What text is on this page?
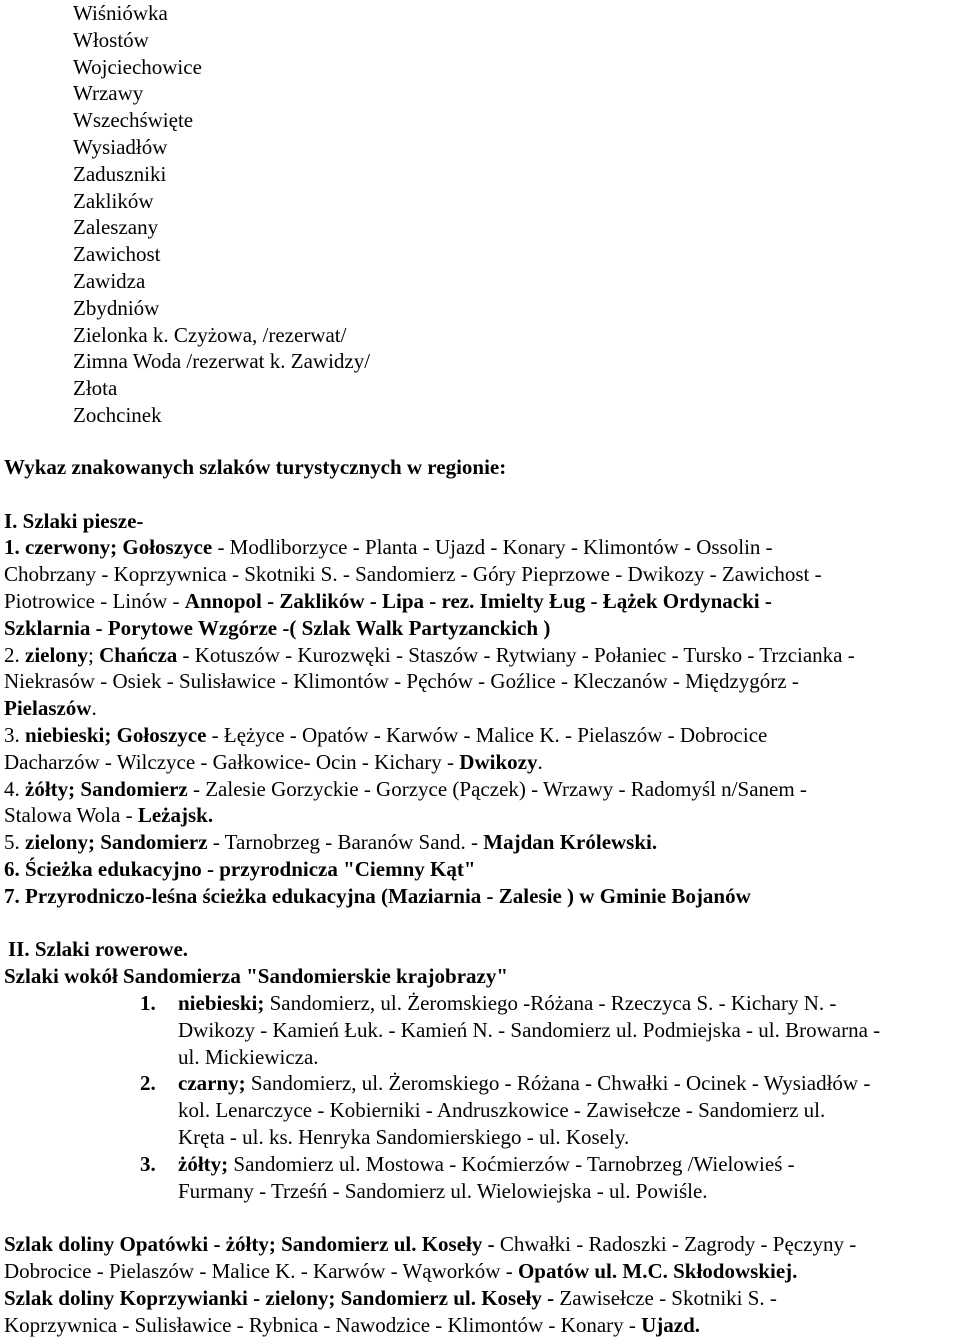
Wiśniówka
Włostów
Wojciechowice
Wrzawy
Wszechświęte
Wysiadłów
Zaduszniki
Zaklików
Zaleszany
Zawichost
Zawidza
Zbydniów
Zielonka k. Czyżowa, /rezerwat/
Zimna Woda /rezerwat k. Zawidzy/
Złota
Zochcinek
Wykaz znakowanych szlaków turystycznych w regionie:
I. Szlaki piesze-
1. czerwony; Gołoszyce - Modliborzyce - Planta - Ujazd - Konary - Klimontów - Ossolin -
Chobrzany - Koprzywnica - Skotniki S. - Sandomierz - Góry Pieprzowe - Dwikozy - Zawichost -
Piotrowice - Linów - Annopol - Zaklików - Lipa - rez. Imielty Ług - Łążek Ordynacki -
Szklarnia - Porytowe Wzgórze -( Szlak Walk Partyzanckich )
2. zielony; Chańcza - Kotuszów - Kurozwęki - Staszów - Rytwiany - Połaniec - Tursko - Trzcianka -
Niekrasów - Osiek - Sulisławice - Klimontów - Pęchów - Goźlice - Kleczanów - Międzygórz -
Pielaszów.
3. niebieski; Gołoszyce - Łężyce - Opatów - Karwów - Malice K. - Pielaszów - Dobrocice
Dacharzów - Wilczyce - Gałkowice- Ocin - Kichary - Dwikozy.
4. żółty; Sandomierz - Zalesie Gorzyckie - Gorzyce (Pączek) - Wrzawy - Radomyśl n/Sanem -
Stalowa Wola - Leżajsk.
5. zielony; Sandomierz - Tarnobrzeg - Baranów Sand. - Majdan Królewski.
6. Ścieżka edukacyjno - przyrodnicza "Ciemny Kąt"
7. Przyrodniczo-leśna ścieżka edukacyjna (Maziarnia - Zalesie ) w Gminie Bojanów
II. Szlaki rowerowe.
Szlaki wokół Sandomierza "Sandomierskie krajobrazy"
1. niebieski; Sandomierz, ul. Żeromskiego -Różana - Rzeczyca S. - Kichary N. -
Dwikozy - Kamień Łuk. - Kamień N. - Sandomierz ul. Podmiejska - ul. Browarna -
ul. Mickiewicza.
2. czarny; Sandomierz, ul. Żeromskiego - Różana - Chwałki - Ocinek - Wysiadłów -
kol. Lenarczyce - Kobierniki - Andruszkowice - Zawisełcze - Sandomierz ul.
Kręta - ul. ks. Henryka Sandomierskiego - ul. Kosely.
3. żółty; Sandomierz ul. Mostowa - Koćmierzów - Tarnobrzeg /Wielowieś -
Furmany - Trześń - Sandomierz ul. Wielowiejska - ul. Powiśle.
Szlak doliny Opatówki - żółty; Sandomierz ul. Koseły - Chwałki - Radoszki - Zagrody - Pęczyny -
Dobrocice - Pielaszów - Malice K. - Karwów - Wąworków - Opatów ul. M.C. Skłodowskiej.
Szlak doliny Koprzywianki - zielony; Sandomierz ul. Koseły - Zawisełcze - Skotniki S. -
Koprzywnica - Sulisławice - Rybnica - Nawodzice - Klimontów - Konary - Ujazd.
